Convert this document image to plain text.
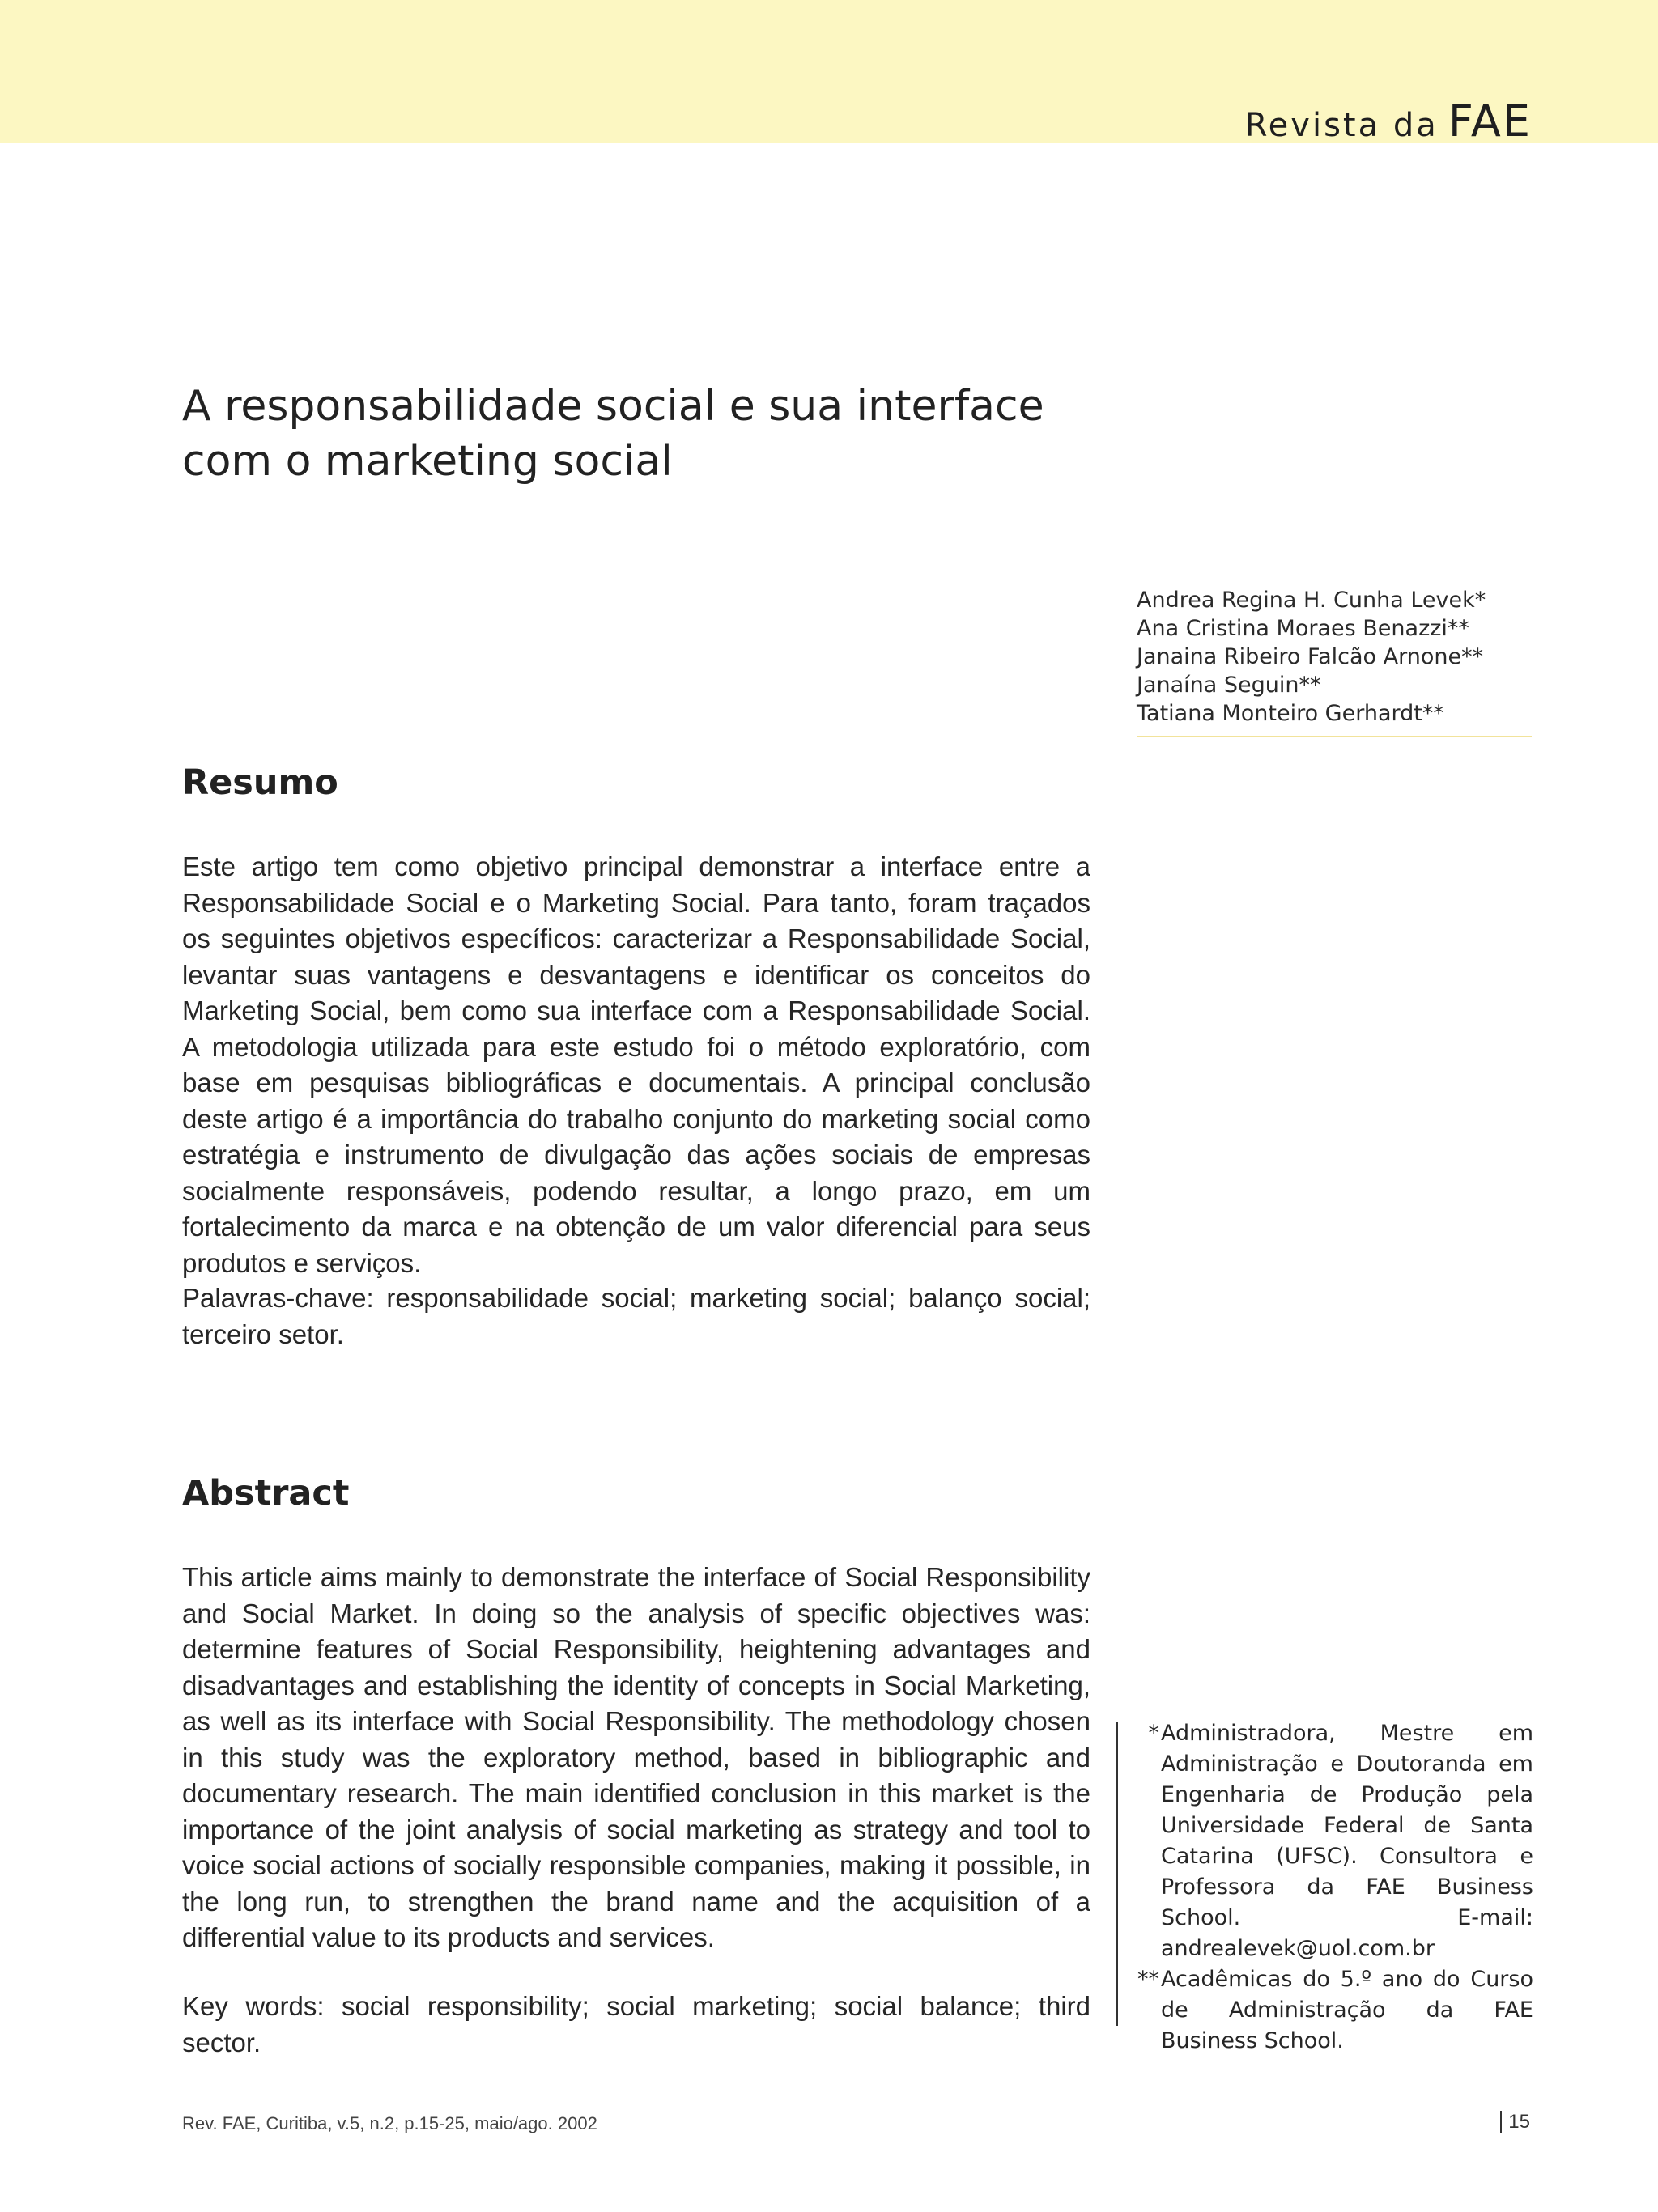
Revista da FAE
A responsabilidade social e sua interface
com o marketing social
Andrea Regina H. Cunha Levek*
Ana Cristina Moraes Benazzi**
Janaina Ribeiro Falcão Arnone**
Janaína Seguin**
Tatiana Monteiro Gerhardt**
Resumo

Este artigo tem como objetivo principal demonstrar a interface entre a Responsabilidade Social e o Marketing Social. Para tanto, foram traçados os seguintes objetivos específicos: caracterizar a Responsabilidade Social, levantar suas vantagens e desvantagens e identificar os conceitos do Marketing Social, bem como sua interface com a Responsabilidade Social. A metodologia utilizada para este estudo foi o método exploratório, com base em pesquisas bibliográficas e documentais. A principal conclusão deste artigo é a importância do trabalho conjunto do marketing social como estratégia e instrumento de divulgação das ações sociais de empresas socialmente responsáveis, podendo resultar, a longo prazo, em um fortalecimento da marca e na obtenção de um valor diferencial para seus produtos e serviços.

Palavras-chave: responsabilidade social; marketing social; balanço social; terceiro setor.

Abstract

This article aims mainly to demonstrate the interface of Social Responsibility and Social Market. In doing so the analysis of specific objectives was: determine features of Social Responsibility, heightening advantages and disadvantages and establishing the identity of concepts in Social Marketing, as well as its interface with Social Responsibility. The methodology chosen in this study was the exploratory method, based in bibliographic and documentary research. The main identified conclusion in this market is the importance of the joint analysis of social marketing as strategy and tool to voice social actions of socially responsible companies, making it possible, in the long run, to strengthen the brand name and the acquisition of a differential value to its products and services.

Key words: social responsibility; social marketing; social balance; third sector.

* Administradora, Mestre em Administração e Doutoranda em Engenharia de Produção pela Universidade Federal de Santa Catarina (UFSC). Consultora e Professora da FAE Business School. E-mail: andrealevek@uol.com.br
** Acadêmicas do 5.º ano do Curso de Administração da FAE Business School.
Rev. FAE, Curitiba, v.5, n.2, p.15-25, maio/ago. 2002	15
